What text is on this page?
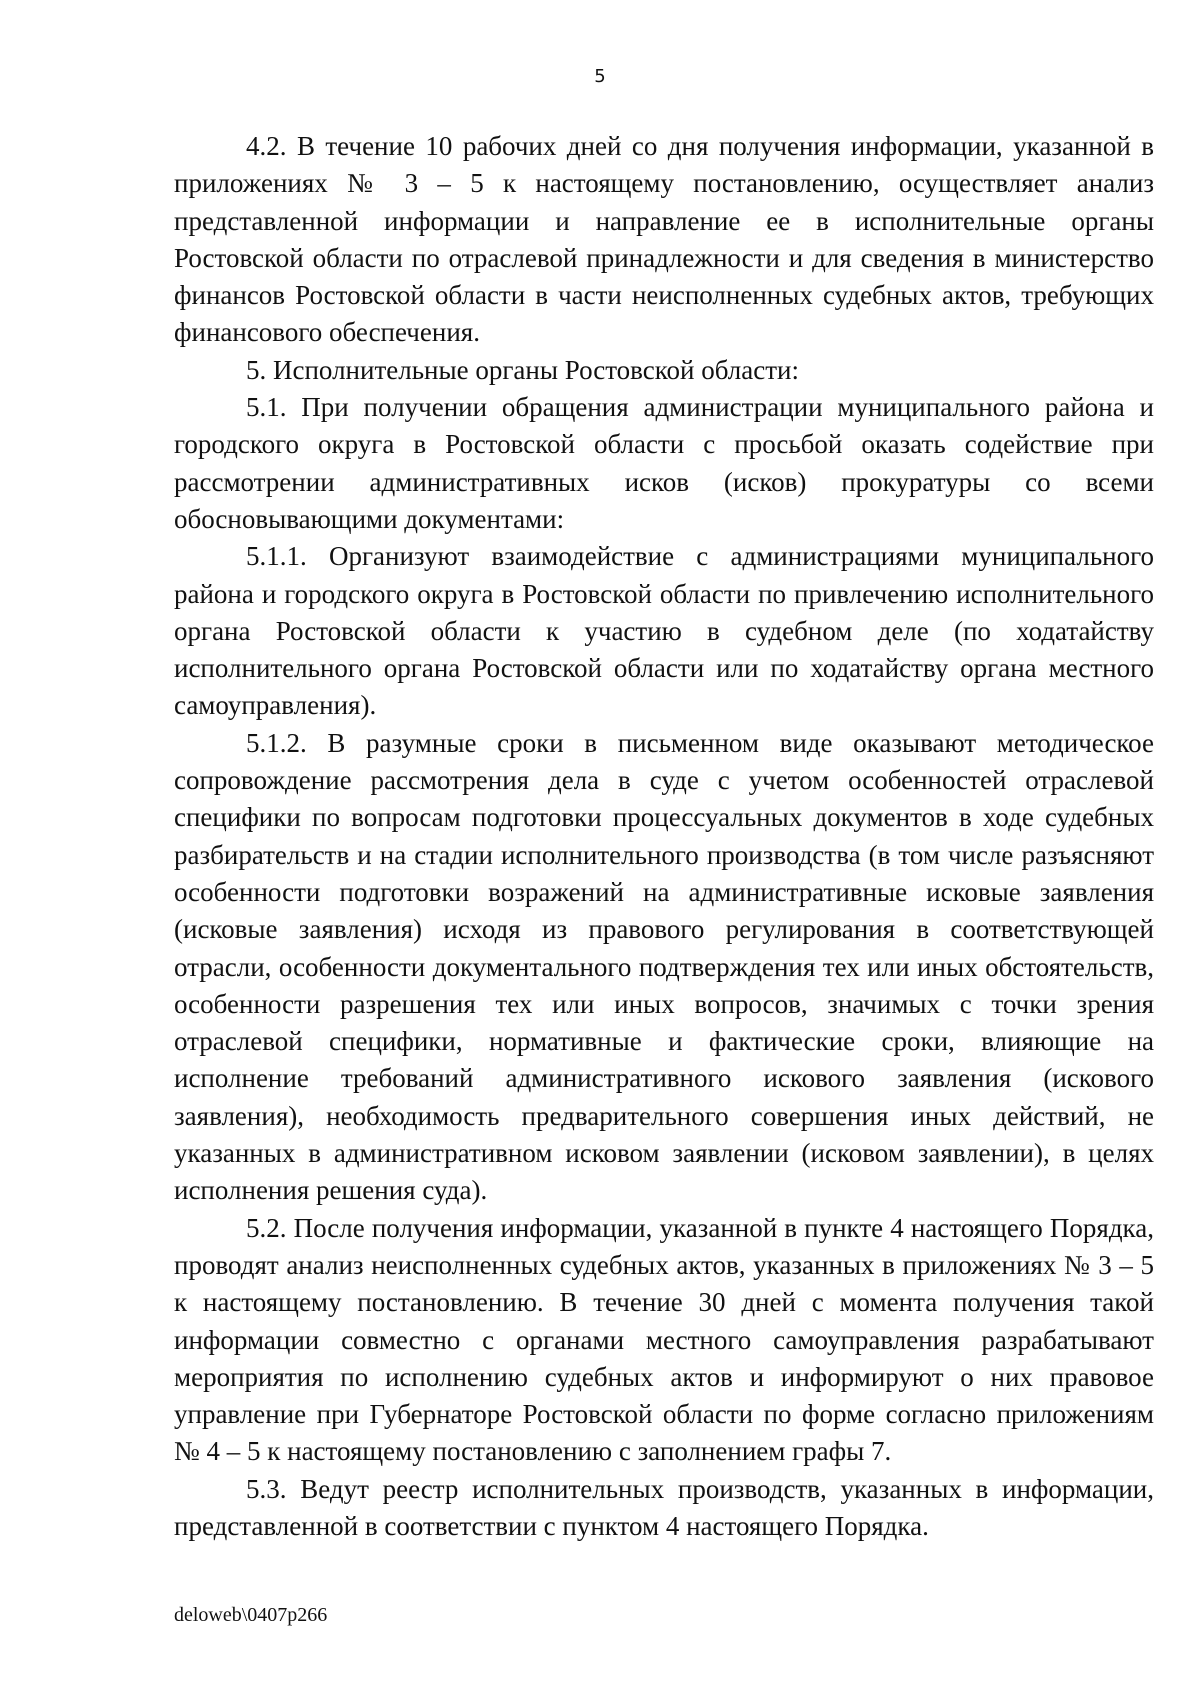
5

4.2. В течение 10 рабочих дней со дня получения информации, указанной в приложениях № 3 – 5 к настоящему постановлению, осуществляет анализ представленной информации и направление ее в исполнительные органы Ростовской области по отраслевой принадлежности и для сведения в министерство финансов Ростовской области в части неисполненных судебных актов, требующих финансового обеспечения.

5. Исполнительные органы Ростовской области:

5.1. При получении обращения администрации муниципального района и городского округа в Ростовской области с просьбой оказать содействие при рассмотрении административных исков (исков) прокуратуры со всеми обосновывающими документами:

5.1.1. Организуют взаимодействие с администрациями муниципального района и городского округа в Ростовской области по привлечению исполнительного органа Ростовской области к участию в судебном деле (по ходатайству исполнительного органа Ростовской области или по ходатайству органа местного самоуправления).

5.1.2. В разумные сроки в письменном виде оказывают методическое сопровождение рассмотрения дела в суде с учетом особенностей отраслевой специфики по вопросам подготовки процессуальных документов в ходе судебных разбирательств и на стадии исполнительного производства (в том числе разъясняют особенности подготовки возражений на административные исковые заявления (исковые заявления) исходя из правового регулирования в соответствующей отрасли, особенности документального подтверждения тех или иных обстоятельств, особенности разрешения тех или иных вопросов, значимых с точки зрения отраслевой специфики, нормативные и фактические сроки, влияющие на исполнение требований административного искового заявления (искового заявления), необходимость предварительного совершения иных действий, не указанных в административном исковом заявлении (исковом заявлении), в целях исполнения решения суда).

5.2. После получения информации, указанной в пункте 4 настоящего Порядка, проводят анализ неисполненных судебных актов, указанных в приложениях № 3 – 5 к настоящему постановлению. В течение 30 дней с момента получения такой информации совместно с органами местного самоуправления разрабатывают мероприятия по исполнению судебных актов и информируют о них правовое управление при Губернаторе Ростовской области по форме согласно приложениям № 4 – 5 к настоящему постановлению с заполнением графы 7.

5.3. Ведут реестр исполнительных производств, указанных в информации, представленной в соответствии с пунктом 4 настоящего Порядка.

deloweb\0407p266
